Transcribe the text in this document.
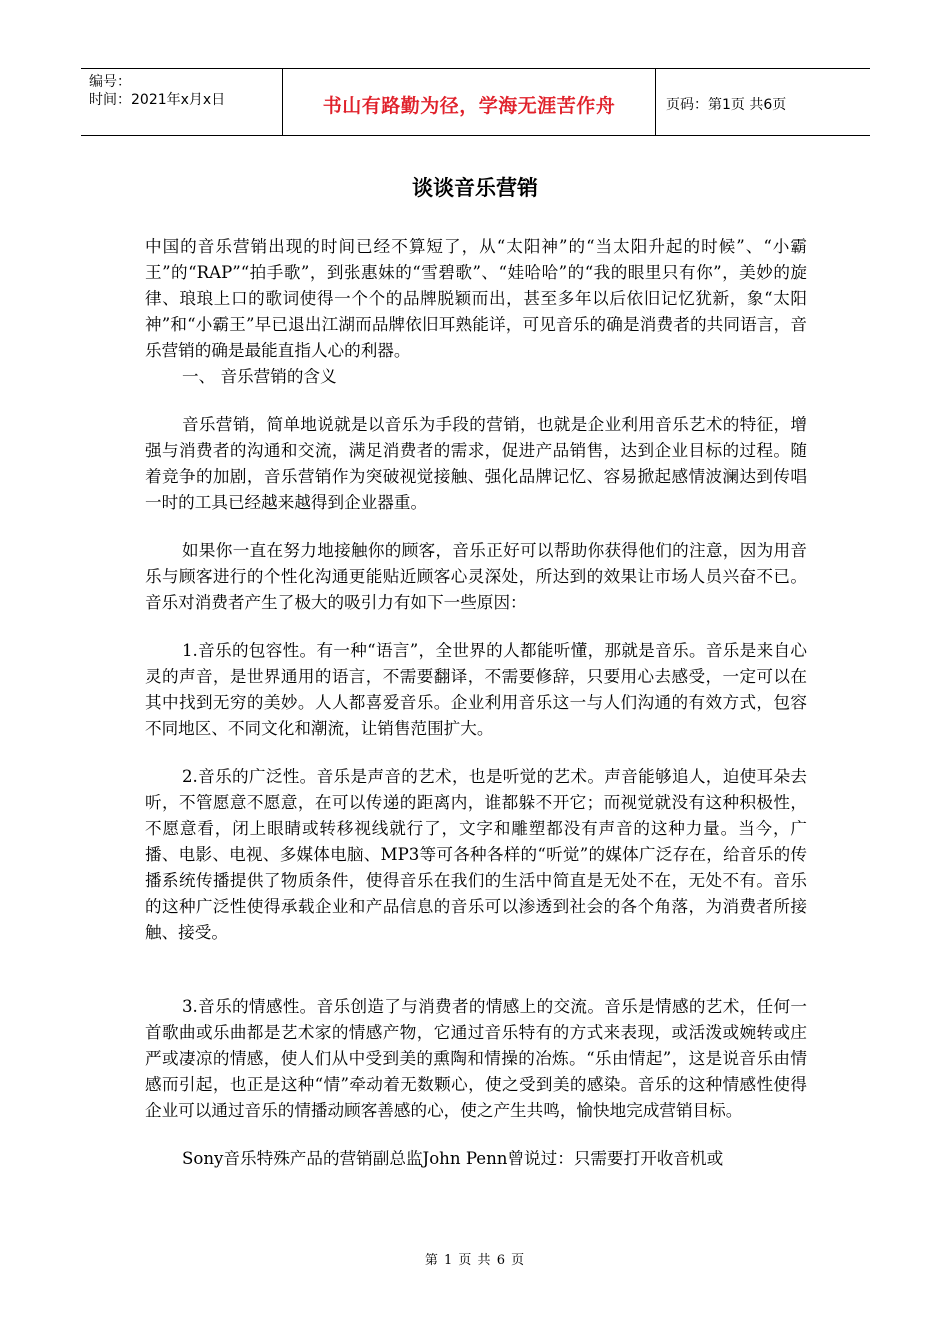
编号：
时间：2021年x月x日	书山有路勤为径，学海无涯苦作舟	页码：第1页 共6页
谈谈音乐营销

中国的音乐营销出现的时间已经不算短了，从“太阳神”的“当太阳升起的时候”、“小霸王”的“RAP”“拍手歌”，到张惠妹的“雪碧歌”、“娃哈哈”的“我的眼里只有你”，美妙的旋律、琅琅上口的歌词使得一个个的品牌脱颖而出，甚至多年以后依旧记忆犹新，象“太阳神”和“小霸王”早已退出江湖而品牌依旧耳熟能详，可见音乐的确是消费者的共同语言，音乐营销的确是最能直指人心的利器。

一、 音乐营销的含义

音乐营销，简单地说就是以音乐为手段的营销，也就是企业利用音乐艺术的特征，增强与消费者的沟通和交流，满足消费者的需求，促进产品销售，达到企业目标的过程。随着竞争的加剧，音乐营销作为突破视觉接触、强化品牌记忆、容易掀起感情波澜达到传唱一时的工具已经越来越得到企业器重。

如果你一直在努力地接触你的顾客，音乐正好可以帮助你获得他们的注意，因为用音乐与顾客进行的个性化沟通更能贴近顾客心灵深处，所达到的效果让市场人员兴奋不已。音乐对消费者产生了极大的吸引力有如下一些原因：

1.音乐的包容性。有一种“语言”，全世界的人都能听懂，那就是音乐。音乐是来自心灵的声音，是世界通用的语言，不需要翻译，不需要修辞，只要用心去感受，一定可以在其中找到无穷的美妙。人人都喜爱音乐。企业利用音乐这一与人们沟通的有效方式，包容不同地区、不同文化和潮流，让销售范围扩大。

2.音乐的广泛性。音乐是声音的艺术，也是听觉的艺术。声音能够追人，迫使耳朵去听，不管愿意不愿意，在可以传递的距离内，谁都躲不开它；而视觉就没有这种积极性，不愿意看，闭上眼睛或转移视线就行了，文字和雕塑都没有声音的这种力量。当今，广播、电影、电视、多媒体电脑、MP3等可各种各样的“听觉”的媒体广泛存在，给音乐的传播系统传播提供了物质条件，使得音乐在我们的生活中简直是无处不在，无处不有。音乐的这种广泛性使得承载企业和产品信息的音乐可以渗透到社会的各个角落，为消费者所接触、接受。

3.音乐的情感性。音乐创造了与消费者的情感上的交流。音乐是情感的艺术，任何一首歌曲或乐曲都是艺术家的情感产物，它通过音乐特有的方式来表现，或活泼或婉转或庄严或凄凉的情感，使人们从中受到美的熏陶和情操的冶炼。“乐由情起”，这是说音乐由情感而引起，也正是这种“情”牵动着无数颗心，使之受到美的感染。音乐的这种情感性使得企业可以通过音乐的情播动顾客善感的心，使之产生共鸣，愉快地完成营销目标。

Sony音乐特殊产品的营销副总监John Penn曾说过：只需要打开收音机或

第 1 页 共 6 页
